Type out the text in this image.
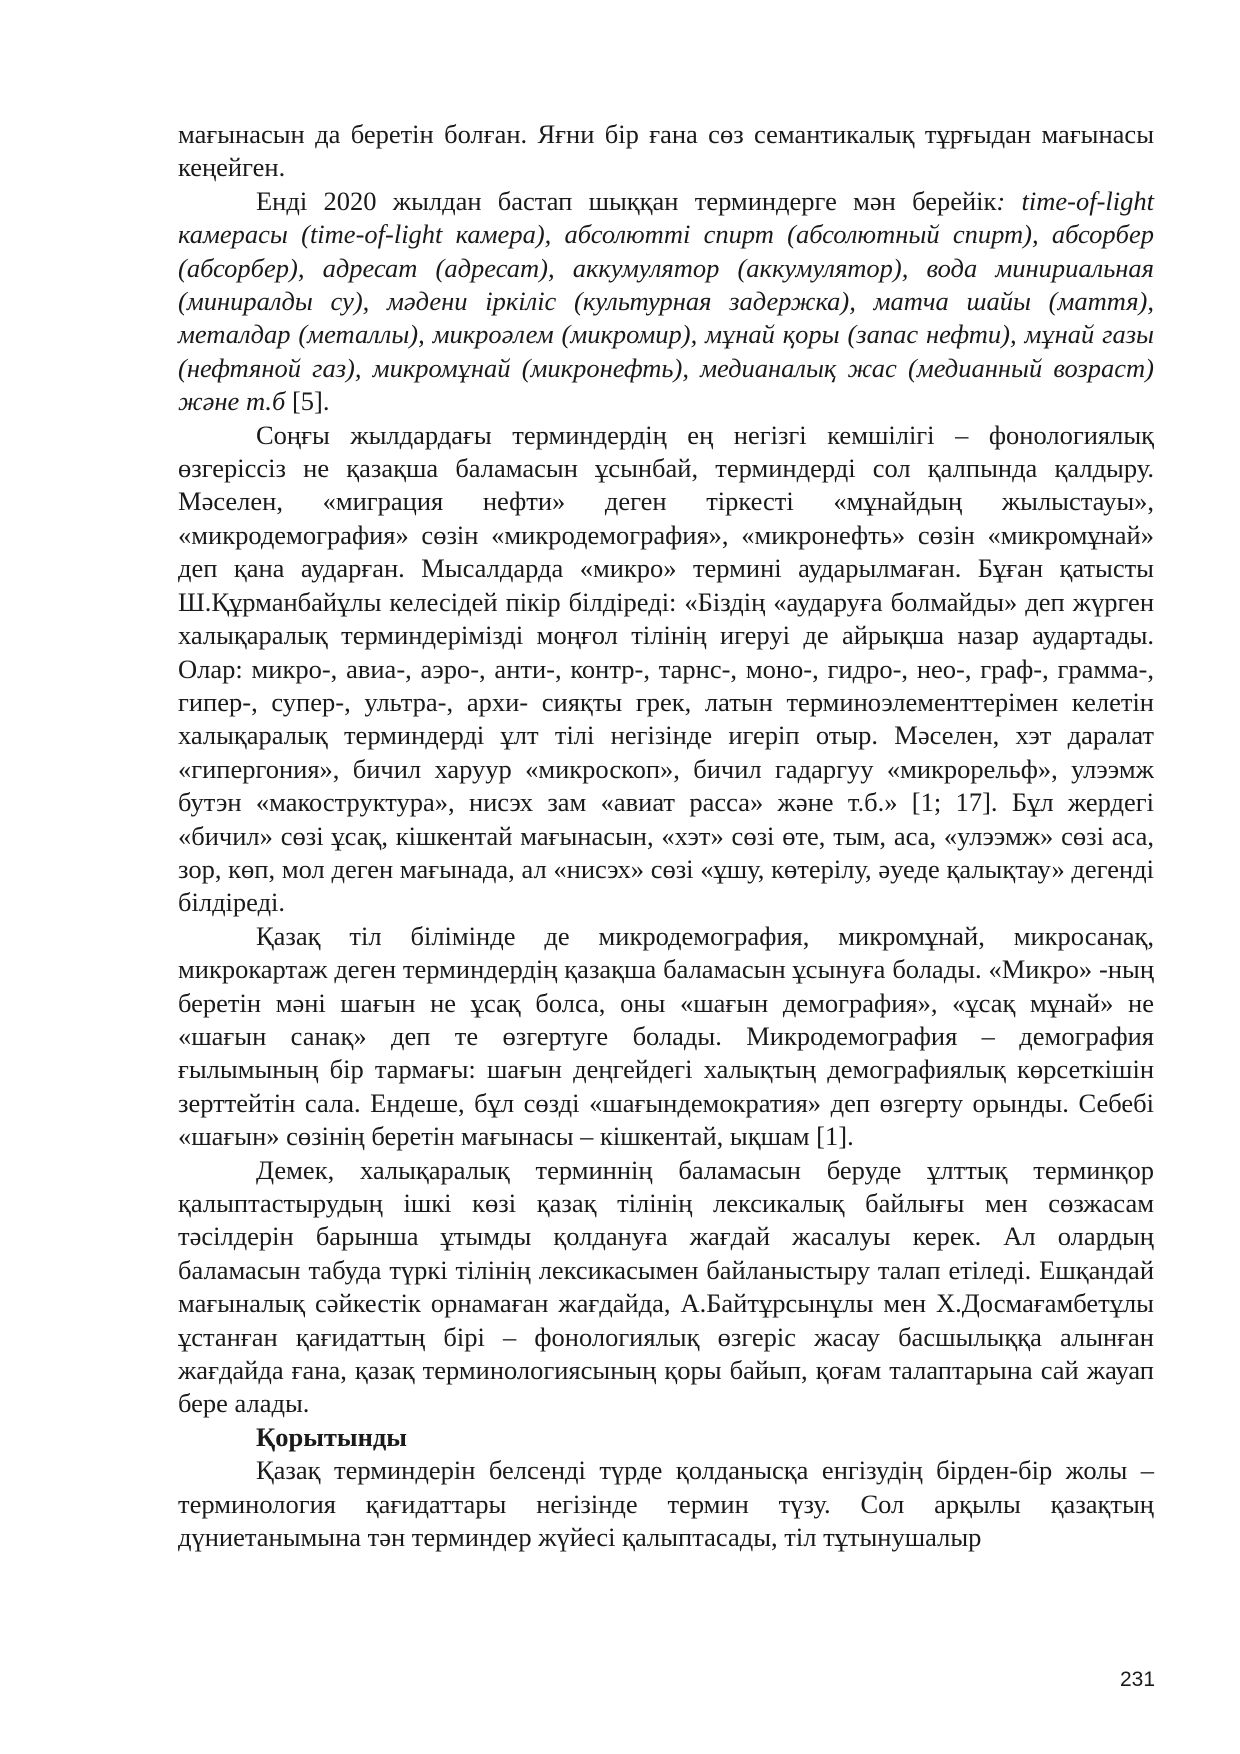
мағынасын да беретін болған. Яғни бір ғана сөз семантикалық тұрғыдан мағынасы кеңейген.

Енді 2020 жылдан бастап шыққан терминдерге мән берейік: time-of-light камерасы (time-of-light камера), абсолютті спирт (абсолютный спирт), абсорбер (абсорбер), адресат (адресат), аккумулятор (аккумулятор), вода минириальная (миниралды су), мәдени іркіліс (культурная задержка), матча шайы (маття), металдар (металлы), микроәлем (микромир), мұнай қоры (запас нефти), мұнай газы (нефтяной газ), микромұнай (микронефть), медианалық жас (медианный возраст) және т.б [5].

Соңғы жылдардағы терминдердің ең негізгі кемшілігі – фонологиялық өзгеріссіз не қазақша баламасын ұсынбай, терминдерді сол қалпында қалдыру. Мәселен, «миграция нефти» деген тіркесті «мұнайдың жылыстауы», «микродемография» сөзін «микродемография», «микронефть» сөзін «микромұнай» деп қана аударған. Мысалдарда «микро» термині аударылмаған. Бұған қатысты Ш.Құрманбайұлы келесідей пікір білдіреді: «Біздің «аударуға болмайды» деп жүрген халықаралық терминдерімізді моңғол тілінің игеруі де айрықша назар аудартады. Олар: микро-, авиа-, аэро-, анти-, контр-, тарнс-, моно-, гидро-, нео-, граф-, грамма-, гипер-, супер-, ультра-, архи- сияқты грек, латын терминоэлементтерімен келетін халықаралық терминдерді ұлт тілі негізінде игеріп отыр. Мәселен, хэт даралат «гипергония», бичил харуур «микроскоп», бичил гадаргуу «микрорельф», улээмж бутэн «макоструктура», нисэх зам «авиат расса» және т.б.» [1; 17]. Бұл жердегі «бичил» сөзі ұсақ, кішкентай мағынасын, «хэт» сөзі өте, тым, аса, «улээмж» сөзі аса, зор, көп, мол деген мағынада, ал «нисэх» сөзі «ұшу, көтерілу, әуеде қалықтау» дегенді білдіреді.

Қазақ тіл білімінде де микродемография, микромұнай, микросанақ, микрокартаж деген терминдердің қазақша баламасын ұсынуға болады. «Микро» -ның беретін мәні шағын не ұсақ болса, оны «шағын демография», «ұсақ мұнай» не «шағын санақ» деп те өзгертуге болады. Микродемография – демография ғылымының бір тармағы: шағын деңгейдегі халықтың демографиялық көрсеткішін зерттейтін сала. Ендеше, бұл сөзді «шағындемократия» деп өзгерту орынды. Себебі «шағын» сөзінің беретін мағынасы – кішкентай, ықшам [1].

Демек, халықаралық терминнің баламасын беруде ұлттық терминқор қалыптастырудың ішкі көзі қазақ тілінің лексикалық байлығы мен сөзжасам тәсілдерін барынша ұтымды қолдануға жағдай жасалуы керек. Ал олардың баламасын табуда түркі тілінің лексикасымен байланыстыру талап етіледі. Ешқандай мағыналық сәйкестік орнамаған жағдайда, А.Байтұрсынұлы мен Х.Досмағамбетұлы ұстанған қағидаттың бірі – фонологиялық өзгеріс жасау басшылыққа алынған жағдайда ғана, қазақ терминологиясының қоры байып, қоғам талаптарына сай жауап бере алады.

Қорытынды

Қазақ терминдерін белсенді түрде қолданысқа енгізудің бірден-бір жолы – терминология қағидаттары негізінде термин түзу. Сол арқылы қазақтың дүниетанымына тән терминдер жүйесі қалыптасады, тіл тұтынушалыр

231
